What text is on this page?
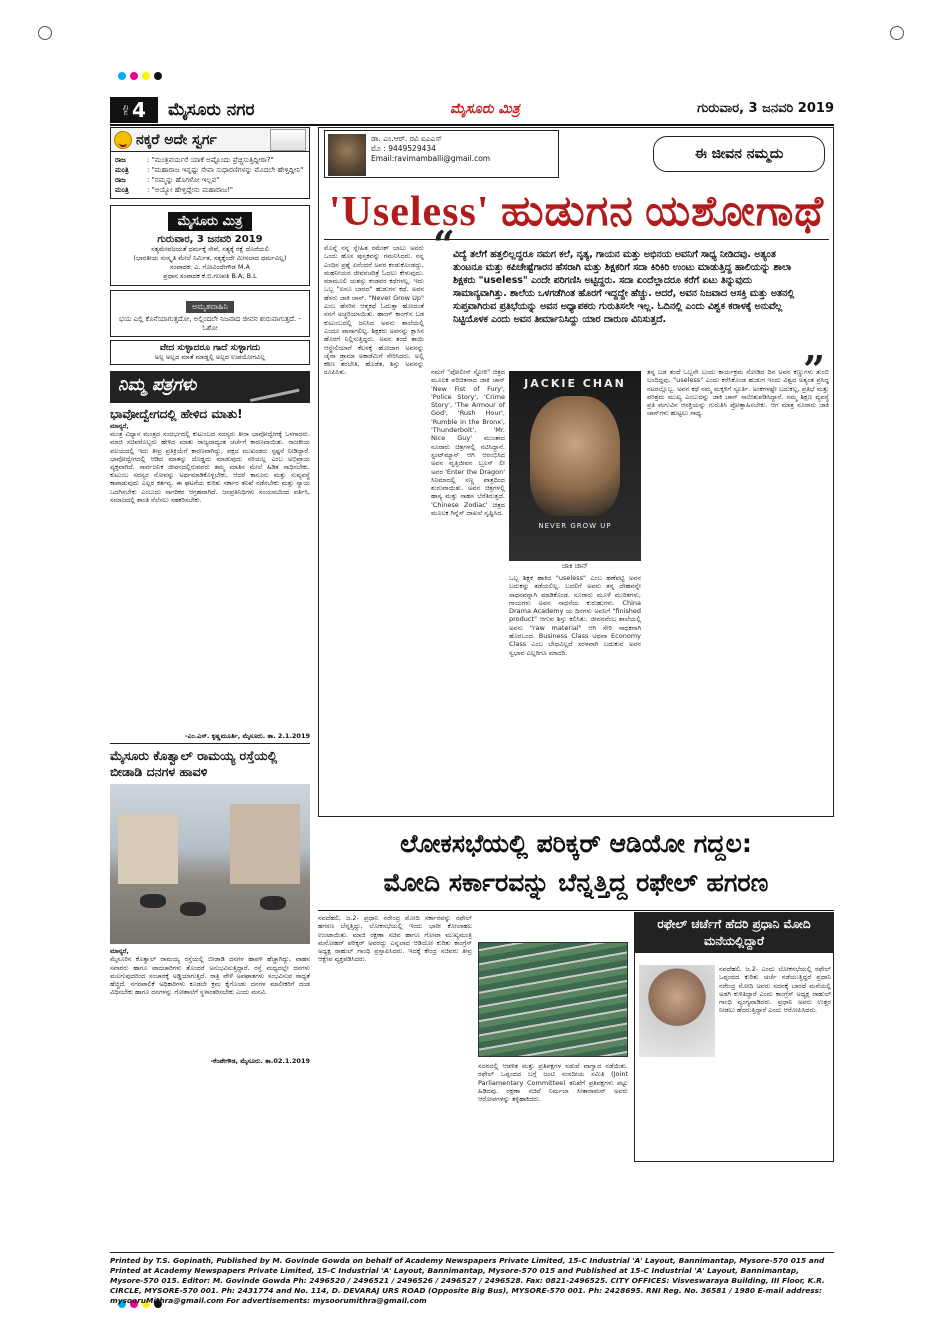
ಪುಟ 4 ಮೈಸೂರು ನಗರ	ಮೈಸೂರು ಮಿತ್ರ	ಗುರುವಾರ, 3 ಜನವರಿ 2019
ನಕ್ಕರೆ ಅದೇ ಸ್ವರ್ಗ
ರಾಜ	: "ಮಂತ್ರಿವರ್ಯರೆ ಯಾಕೆ ಅಷ್ಟೊಂದು ಪ್ರೆಚ್ಚಿಸುತ್ತಿದ್ದೀರಾ?"
ಮಂತ್ರಿ	: "ಮಹಾರಾಜ ಇನ್ನಷ್ಟು ಸೇವಾ ಸುಧಾರಣಿಗಳನ್ನು ಮೊದಲೇ ಹೇಳ್ತಿದ್ದೀನಿ"
ರಾಜ	: "ನಮ್ಮನ್ನು ಹೊಗಳೋ ಇಲ್ಲವ"
ಮಂತ್ರಿ	: "ಅಯ್ಯೋ ಹೇಳ್ತಿದ್ದೇನು ಮಹಾರಾಜ!"
ಮೈಸೂರು ಮಿತ್ರ
ಗುರುವಾರ, 3 ಜನವರಿ 2019
ಸತ್ಯಮೇವಜಯತೆ ಧರ್ಮಕ್ಕೆ ಸೇವೆ, ಸತ್ಯಕ್ಕೆ ರಕ್ಷೆ ದೊರೆಯಲಿ
(ಭಾರತೀಯ ಸಂಸ್ಕೃತಿ ಮೇಲೆ ನಿರ್ಮಿತ, ಸತ್ಯಕ್ಕೆಂದೇ ಮೀಸಲಾದ ಧರ್ಮವಿಲ್ಲ)
ಸಂಪಾದಕ: ಎ. ಗೋವಿಂದೇಗೌಡ M.A
ಪ್ರಧಾನ ಸಂಪಾದಕ ಕೆ.ಬಿ.ಗಣಪತಿ B.A; B.L
ಅಮೃತವಾಹಿನಿ
ಭಯ ಎಲ್ಲಿ ಕೊನೆಯಾಗುತ್ತದೋ, ಅಲ್ಲಿಂದಲೇ ನಿಜವಾದ ಜೀವನ ಶುರುವಾಗುತ್ತದೆ. - ಓಶೋ
ವೇದ ಸುಳ್ಳಾದರೂ ಗಾದೆ ಸುಳ್ಳಾಗದು
ಅಲ್ಪ ಅಲ್ಲದ ಮಾತೆ ಮಾಡ್ದಲ್ಲಿ ಅಲ್ಪದ ಉಪಯೋಗವಿಲ್ಲ
ನಿಮ್ಮ ಪತ್ರಗಳು
ಭಾವೋದ್ವೇಗದಲ್ಲಿ ಹೇಳಿದ ಮಾತು!
ಮಾನ್ಯರೆ,
ಮಂತ್ರ ವಿಧ್ಯಾನ ಮಂತ್ರದ ಸಂದರ್ಭದಲ್ಲಿ ಕುಟುಂಬದ ಸದಸ್ಯರು ತೀರಾ ಭಾವೋದ್ವೇಗಕ್ಕೆ ಒಳಗಾದರು. ಮಾಜಿ ಸಚಿವರೊಬ್ಬರು ಹೇಳಿದ ಮಾತು ರಾಜ್ಯದಾದ್ಯಂತ ಚರ್ಚೆಗೆ ಕಾರಣವಾಯಿತು. ರಾಜಕೀಯ ವಲಯದಲ್ಲಿ ಇದು ತೀವ್ರ ಪ್ರತಿಕ್ರಿಯೆಗೆ ಕಾರಣವಾಗಿದ್ದು, ಪಕ್ಷದ ಮುಖಂಡರು ಸ್ಪಷ್ಟನೆ ನೀಡಿದ್ದಾರೆ. ಭಾವೋದ್ವೇಗದಲ್ಲಿ ಆಡಿದ ಮಾತನ್ನು ದೊಡ್ಡದು ಮಾಡುವುದು ಸರಿಯಲ್ಲ ಎಂಬ ಅಭಿಪ್ರಾಯ ವ್ಯಕ್ತವಾಗಿದೆ. ಸಾರ್ವಜನಿಕ ಜೀವನದಲ್ಲಿರುವವರು ತಮ್ಮ ಮಾತಿನ ಮೇಲೆ ಹಿಡಿತ ಸಾಧಿಸಬೇಕು. ಕುಟುಂಬ ಸದಸ್ಯರ ನೋವನ್ನು ಅರ್ಥಮಾಡಿಕೊಳ್ಳಬೇಕು, ಆದರೆ ಕಾನೂನು ಮತ್ತು ಸುವ್ಯವಸ್ಥೆ ಕಾಪಾಡುವುದು ಎಲ್ಲರ ಕರ್ತವ್ಯ. ಈ ಘಟನೆಯ ಕುರಿತು ಸರ್ಕಾರ ತನಿಖೆ ನಡೆಸಬೇಕು ಮತ್ತು ನ್ಯಾಯ ಒದಗಿಸಬೇಕು ಎಂಬುದು ನಾಗರಿಕರ ಆಗ್ರಹವಾಗಿದೆ. ಜನಪ್ರತಿನಿಧಿಗಳು ಸಂಯಮದಿಂದ ವರ್ತಿಸಿ, ಸಮಾಜದಲ್ಲಿ ಶಾಂತಿ ನೆಲೆಸಲು ಸಹಕರಿಸಬೇಕು.
-ಎಂ.ಎಸ್. ಕೃಷ್ಣಮೂರ್ತಿ, ಮೈಸೂರು. ತಾ. 2.1.2019
ಮೈಸೂರು ಕೊತ್ವಾಲ್ ರಾಮಯ್ಯ ರಸ್ತೆಯಲ್ಲಿ ಬೀಡಾಡಿ ದನಗಳ ಹಾವಳಿ
ಮಾನ್ಯರೆ,
ಮೈಸೂರಿನ ಕೊತ್ವಾಲ್ ರಾಮಯ್ಯ ರಸ್ತೆಯಲ್ಲಿ ಬೀಡಾಡಿ ದನಗಳ ಹಾವಳಿ ಹೆಚ್ಚಾಗಿದ್ದು, ವಾಹನ ಸವಾರರು ಹಾಗೂ ಪಾದಚಾರಿಗಳು ತೊಂದರೆ ಅನುಭವಿಸುತ್ತಿದ್ದಾರೆ. ರಸ್ತೆ ಮಧ್ಯದಲ್ಲೇ ದನಗಳು ಮಲಗುವುದರಿಂದ ಸಂಚಾರಕ್ಕೆ ಅಡ್ಡಿಯಾಗುತ್ತಿದೆ. ರಾತ್ರಿ ವೇಳೆ ಅಪಘಾತಗಳು ಸಂಭವಿಸುವ ಸಾಧ್ಯತೆ ಹೆಚ್ಚಿದೆ. ನಗರಪಾಲಿಕೆ ಅಧಿಕಾರಿಗಳು ಕೂಡಲೇ ಕ್ರಮ ಕೈಗೊಂಡು ದನಗಳ ಮಾಲೀಕರಿಗೆ ದಂಡ ವಿಧಿಸಬೇಕು ಹಾಗೂ ದನಗಳನ್ನು ಗೋಶಾಲೆಗೆ ಸ್ಥಳಾಂತರಿಸಬೇಕು ಎಂದು ಮನವಿ.
-ಕೆಂಪೇಗೌಡ, ಮೈಸೂರು. ತಾ.02.1.2019
ಡಾ. ಎಂ.ಆರ್. ರವಿ ಐಎಎಸ್
ಮೊ : 9449529434
Email:ravimamballi@gmail.com	ಈ ಜೀವನ ನಮ್ಮದು
'Useless' ಹುಡುಗನ ಯಶೋಗಾಥೆ
ಮೊನ್ನೆ ನನ್ನ ಸ್ನೇಹಿತ ರಮೇಶ್ ಬಾಬು ಅವರು ಒಂದು ಹೊಸ ಪುಸ್ತಕವನ್ನು ಗಮನಿಸಿದರು. ನನ್ನ ಎಂದಿನ ಪ್ರಶ್ನೆ ಏನೆಂದರೆ ಅವರ ಕಂಡುಕೊಂಡದ್ದು, ಮಹನೀಯರ ಜೀವನಚರಿತ್ರೆ ಓದಲು ಕೇಳುವುದು. ಮಾಮೂಲಿ ಯಶಸ್ಸು ಕಂಡವರ ಕಥೆಗಳಲ್ಲ. ಇದು ಒಬ್ಬ "ಏನೂ ಬಾರದ" ಹುಡುಗನ ಕಥೆ. ಅವನ ಹೆಸರು ಜಾಕಿ ಚಾನ್. "Never Grow Up" ಎಂಬ ಹೆಸರಿನ ಆತ್ಮಕಥೆ ಓದುತ್ತಾ ಹೋದಂತೆ ನನಗೆ ಅಚ್ಚರಿಯಾಯಿತು. ಹಾಂಗ್ ಕಾಂಗ್‌ನ ಬಡ ಕುಟುಂಬದಲ್ಲಿ ಜನಿಸಿದ ಅವನು ಶಾಲೆಯಲ್ಲಿ ಎಂದೂ ಪಾಸಾಗಲಿಲ್ಲ. ಶಿಕ್ಷಕರು ಅವನನ್ನು ಕ್ಲಾಸಿನ ಹೊರಗೆ ನಿಲ್ಲಿಸುತ್ತಿದ್ದರು. ಅವನ ತಂದೆ ತಾಯಿ ಆಸ್ಟ್ರೇಲಿಯಾಗೆ ಕೆಲಸಕ್ಕೆ ಹೋದಾಗ ಅವನನ್ನು ಚೈನಾ ಡ್ರಾಮಾ ಅಕಾಡೆಮಿಗೆ ಸೇರಿಸಿದರು. ಅಲ್ಲಿ ಕಠಿಣ ತರಬೇತಿ, ಹೊಡೆತ, ಶಿಸ್ತು ಅವನನ್ನು ರೂಪಿಸಿತು.
“
ವಿದ್ಯೆ ತಲೆಗೆ ಹತ್ತಲಿಲ್ಲದ್ದರೂ ನಮಗ ಕಲೆ, ನೃತ್ಯ, ಗಾಯನ ಮತ್ತು ಅಭಿನಯ ಅವನಿಗೆ ಸಾಧ್ಯ ನೀಡಿದವು. ಅತ್ಯಂತ ತುಂಟನೂ ಮತ್ತು ಕಪಿಚೇಷ್ಟೆಗಾರನ ಹೆಸರಾಗಿ ಮತ್ತು ಶಿಕ್ಷಕರಿಗೆ ಸದಾ ಕಿರಿಕಿರಿ ಉಂಟು ಮಾಡುತ್ತಿದ್ದ ಹಾಲಿಯನ್ನು ಶಾಲಾ ಶಿಕ್ಷಕರು "useless" ಎಂದೇ ಪರಿಗಣಿಸಿ ಅಟ್ಟಿದ್ದರು. ಸದಾ ಏಂದೆಲ್ಲಾದರೂ ಕರೆಗೆ ಏಟು ತಿನ್ನುವುದು ಸಾಮಾನ್ಯವಾಗಿತ್ತು. ಶಾಲೆಯ ಒಳಗಡೆಗಿಂತ ಹೊರಗೆ ಇದ್ದದ್ದೇ ಹೆಚ್ಚು. ಆದರೆ, ಅವನ ನಿಜವಾದ ಆಸಕ್ತಿ ಮತ್ತು ಅತನಲ್ಲಿ ಸುಪ್ತವಾಗಿರುವ ಪ್ರತಿಭೆಯನ್ನು ಅವನ ಅಧ್ಯಾಪಕರು ಗುರುತಿಸಲೇ ಇಲ್ಲ. ಓದಿನಲ್ಲಿ ಎಂದು ವಿಶ್ವಕ ಕರಾಳಕ್ಕೆ ಅನುವೆಲ್ಲ ನಿಟ್ಟಿಯೊಳಕ ಎಂದು ಅವನ ತೀರ್ಮಾನಿಸಿದ್ದು ಯಾರ ದಾರುಣ ವಿನಿಸುತ್ತದೆ.
”
ನಮಗೆ "ಪೋಲೀಸ್ ಸ್ಟೋರಿ" ಚಿತ್ರದ ಮೂಲಕ ಪರಿಚಿತನಾದ ಜಾಕಿ ಚಾನ್ 'New Fist of Fury', 'Police Story', 'Crime Story', 'The Armour of God', 'Rush Hour', 'Rumble in the Bronx', 'Thunderbolt', 'Mr. Nice Guy' ಮುಂತಾದ ನೂರಾರು ಚಿತ್ರಗಳಲ್ಲಿ ನಟಿಸಿದ್ದಾನೆ. ಸ್ಟಂಟ್‌ಮ್ಯಾನ್ ಆಗಿ ಆರಂಭಿಸಿದ ಅವನ ವೃತ್ತಿಜೀವನ ಬ್ರೂಸ್ ಲೀ ಅವರ 'Enter the Dragon' ಸಿನಿಮಾದಲ್ಲಿ ಸಣ್ಣ ಪಾತ್ರದಿಂದ ಶುರುವಾಯಿತು. ಅವನ ಚಿತ್ರಗಳಲ್ಲಿ ಹಾಸ್ಯ ಮತ್ತು ಸಾಹಸ ಬೆರೆತಿರುತ್ತದೆ. 'Chinese Zodiac' ಚಿತ್ರದ ಮೂಲಕ ಗಿನ್ನೆಸ್ ದಾಖಲೆ ಸೃಷ್ಟಿಸಿದ.
JACKIE CHAN
NEVER GROW UP
ಜಾಕಿ ಚಾನ್
ಒಬ್ಬ ಶಿಕ್ಷಕ ಹಾಕಿದ "useless" ಎಂಬ ಹಣೆಪಟ್ಟಿ ಅವನ ಬದುಕನ್ನು ತಡೆಯಲಿಲ್ಲ. ಬದಲಿಗೆ ಅವನು ತನ್ನ ದೇಹವನ್ನೇ ಸಾಧನವನ್ನಾಗಿ ಮಾಡಿಕೊಂಡ. ನೂರಾರು ಮೂಳೆ ಮುರಿತಗಳು, ಗಾಯಗಳು ಅವನ ಸಾಧನೆಯ ಕುರುಹುಗಳು. China Drama Academy ಯ ದಿನಗಳು ಅವನಿಗೆ "finished product" ಆಗುವ ಶಿಸ್ತು ಕಲಿಸಿತು. ಜೀವನವೆಂಬ ಶಾಲೆಯಲ್ಲಿ ಅವನು "raw material" ಆಗಿ ಸೇರಿ ಸಾಧಕನಾಗಿ ಹೊರಬಂದ. Business Class ಅಥವಾ Economy Class ಎಂಬ ಬೇಧವಿಲ್ಲದೆ ಸರಳವಾಗಿ ಬದುಕುವ ಅವನ ಸ್ವಭಾವ ಎಲ್ಲರಿಗೂ ಮಾದರಿ.
ತನ್ನ ಬಡ ತಂದೆ ಒಬ್ಬನೇ ಬಂದು ಕಾರ್ಯಕ್ರಮ ನೋಡಿದ ದಿನ ಅವನ ಕಣ್ಣುಗಳು ತುಂಬಿ ಬಂದಿದ್ದವು. "useless" ಎಂದು ಕರೆಸಿಕೊಂಡ ಹುಡುಗ ಇಂದು ವಿಶ್ವದ ಅತ್ಯಂತ ಪ್ರಸಿದ್ಧ ನಟರಲ್ಲೊಬ್ಬ. ಅವನ ಕಥೆ ನಮ್ಮ ಮಕ್ಕಳಿಗೆ ಸ್ಫೂರ್ತಿ. ಅಂಕಗಳಷ್ಟೇ ಬದುಕಲ್ಲ, ಪ್ರತಿಭೆ ಮತ್ತು ಪರಿಶ್ರಮ ಮುಖ್ಯ ಎಂಬುದನ್ನು ಜಾಕಿ ಚಾನ್ ಸಾಬೀತುಪಡಿಸಿದ್ದಾನೆ. ನಮ್ಮ ಶಿಕ್ಷಣ ವ್ಯವಸ್ಥೆ ಪ್ರತಿ ಮಗುವಿನ ಆಸಕ್ತಿಯನ್ನು ಗುರುತಿಸಿ ಪ್ರೋತ್ಸಾಹಿಸಬೇಕು. ಆಗ ಮಾತ್ರ ನೂರಾರು ಜಾಕಿ ಚಾನ್‌ಗಳು ಹುಟ್ಟಲು ಸಾಧ್ಯ.
ಲೋಕಸಭೆಯಲ್ಲಿ ಪರಿಕ್ಕರ್ ಆಡಿಯೋ ಗದ್ದಲ:
ಮೋದಿ ಸರ್ಕಾರವನ್ನು ಬೆನ್ನತ್ತಿದ್ದ ರಫೇಲ್ ಹಗರಣ
ನವದೆಹಲಿ, ಜ.2- ಪ್ರಧಾನಿ ನರೇಂದ್ರ ಮೋದಿ ಸರ್ಕಾರವನ್ನು ರಫೇಲ್ ಹಗರಣ ಬೆನ್ನತ್ತಿದ್ದು, ಲೋಕಸಭೆಯಲ್ಲಿ ಇಂದು ಭಾರೀ ಕೋಲಾಹಲ ಉಂಟಾಯಿತು. ಮಾಜಿ ರಕ್ಷಣಾ ಸಚಿವ ಹಾಗೂ ಗೋವಾ ಮುಖ್ಯಮಂತ್ರಿ ಮನೋಹರ್ ಪರಿಕ್ಕರ್ ಅವರದ್ದು ಎನ್ನಲಾದ ಆಡಿಯೋ ಕುರಿತು ಕಾಂಗ್ರೆಸ್ ಅಧ್ಯಕ್ಷ ರಾಹುಲ್ ಗಾಂಧಿ ಪ್ರಸ್ತಾಪಿಸಿದರು. ಇದಕ್ಕೆ ಕೇಂದ್ರ ಸಚಿವರು ತೀವ್ರ ಆಕ್ಷೇಪ ವ್ಯಕ್ತಪಡಿಸಿದರು.
ಸದನದಲ್ಲಿ ಆಡಳಿತ ಮತ್ತು ಪ್ರತಿಪಕ್ಷಗಳ ನಡುವೆ ವಾಗ್ವಾದ ನಡೆಯಿತು. ರಫೇಲ್ ಒಪ್ಪಂದದ ಬಗ್ಗೆ ಜಂಟಿ ಸಂಸದೀಯ ಸಮಿತಿ (Joint Parliamentary Committee) ತನಿಖೆಗೆ ಪ್ರತಿಪಕ್ಷಗಳು ಪಟ್ಟು ಹಿಡಿದವು. ರಕ್ಷಣಾ ಸಚಿವೆ ನಿರ್ಮಲಾ ಸೀತಾರಾಮನ್ ಅವರು ಆರೋಪಗಳನ್ನು ತಳ್ಳಿಹಾಕಿದರು.
ರಫೇಲ್ ಚರ್ಚೆಗೆ ಹೆದರಿ ಪ್ರಧಾನಿ ಮೋದಿ ಮನೆಯಲ್ಲಿದ್ದಾರೆ
ನವದೆಹಲಿ, ಜ.2- ಎಂದು ಲೋಕಸಭೆಯಲ್ಲಿ ರಫೇಲ್ ಒಪ್ಪಂದದ ಕುರಿತು ಚರ್ಚೆ ನಡೆಯುತ್ತಿದ್ದರೆ ಪ್ರಧಾನಿ ನರೇಂದ್ರ ಮೋದಿ ಅವರು ಸದನಕ್ಕೆ ಬಾರದೆ ಮನೆಯಲ್ಲಿ ಅಡಗಿ ಕುಳಿತಿದ್ದಾರೆ ಎಂದು ಕಾಂಗ್ರೆಸ್ ಅಧ್ಯಕ್ಷ ರಾಹುಲ್ ಗಾಂಧಿ ವ್ಯಂಗ್ಯವಾಡಿದರು. ಪ್ರಧಾನಿ ಅವರು ಉತ್ತರ ನೀಡಲು ಹೆದರುತ್ತಿದ್ದಾರೆ ಎಂದು ಆರೋಪಿಸಿದರು.
Printed by T.S. Gopinath, Published by M. Govinde Gowda on behalf of Academy Newspapers Private Limited, 15-C Industrial 'A' Layout, Bannimantap, Mysore-570 015 and Printed at Academy Newspapers Private Limited, 15-C Industrial 'A' Layout, Bannimantap, Mysore-570 015 and Published at 15-C Industrial 'A' Layout, Bannimantap, Mysore-570 015. Editor: M. Govinde Gowda Ph: 2496520 / 2496521 / 2496526 / 2496527 / 2496528. Fax: 0821-2496525. CITY OFFICES: Visveswaraya Building, III Floor, K.R. CIRCLE, MYSORE-570 001. Ph: 2431774 and No. 114, D. DEVARAJ URS ROAD (Opposite Big Bus), MYSORE-570 001. Ph: 2428695. RNI Reg. No. 36581 / 1980 E-mail address: mysooruMithra@gmail.com For advertisements: mysoorumithra@gmail.com
